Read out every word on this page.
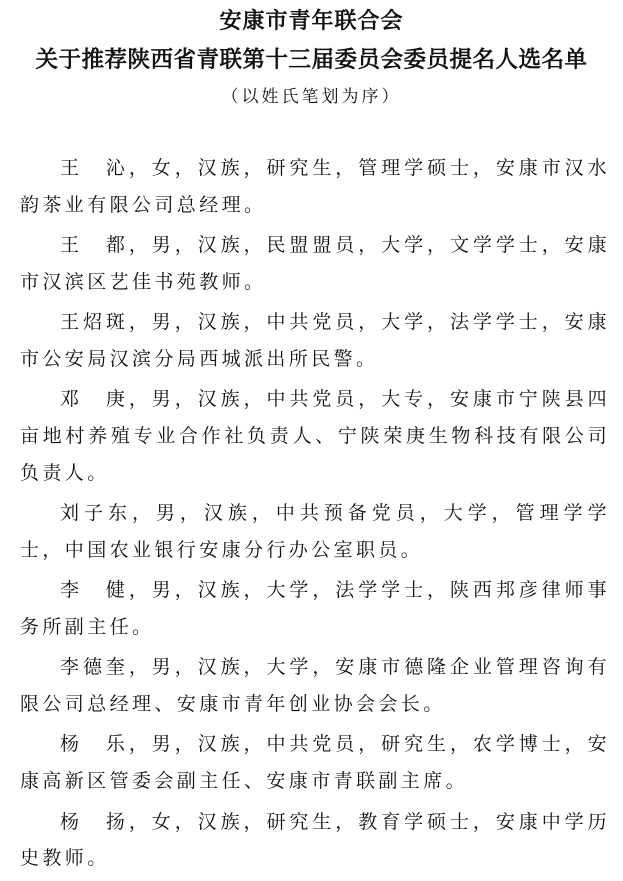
安康市青年联合会
关于推荐陕西省青联第十三届委员会委员提名人选名单
（以姓氏笔划为序）

王　沁，女，汉族，研究生，管理学硕士，安康市汉水韵茶业有限公司总经理。

王　都，男，汉族，民盟盟员，大学，文学学士，安康市汉滨区艺佳书苑教师。

王炤斑，男，汉族，中共党员，大学，法学学士，安康市公安局汉滨分局西城派出所民警。

邓　庚，男，汉族，中共党员，大专，安康市宁陕县四亩地村养殖专业合作社负责人、宁陕荣庚生物科技有限公司负责人。

刘子东，男，汉族，中共预备党员，大学，管理学学士，中国农业银行安康分行办公室职员。

李　健，男，汉族，大学，法学学士，陕西邦彦律师事务所副主任。

李德奎，男，汉族，大学，安康市德隆企业管理咨询有限公司总经理、安康市青年创业协会会长。

杨　乐，男，汉族，中共党员，研究生，农学博士，安康高新区管委会副主任、安康市青联副主席。

杨　扬，女，汉族，研究生，教育学硕士，安康中学历史教师。
